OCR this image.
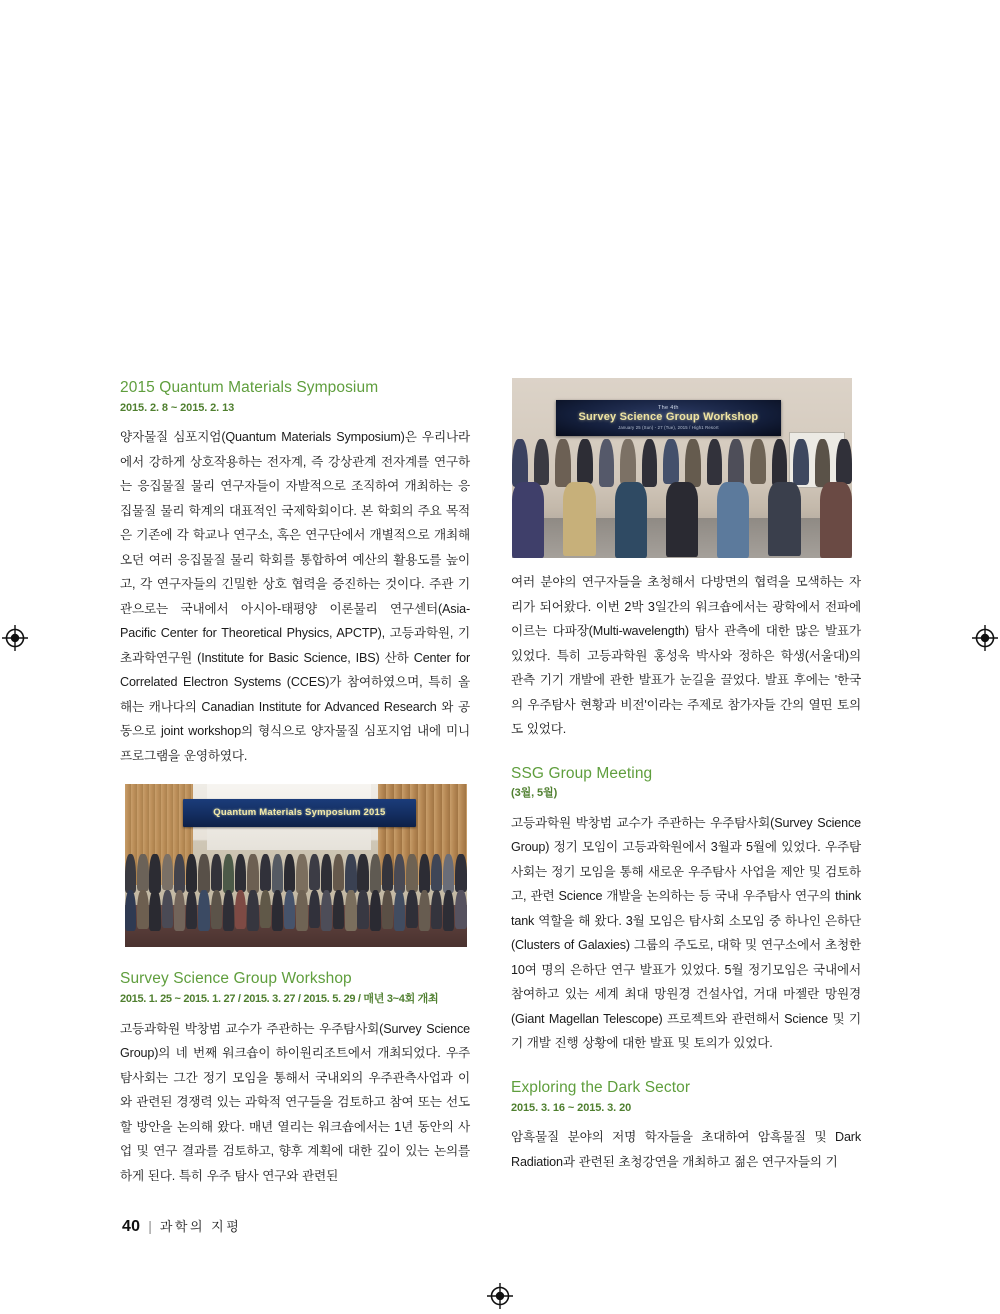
2015 Quantum Materials Symposium
2015. 2. 8 ~ 2015. 2. 13

양자물질 심포지엄(Quantum Materials Symposium)은 우리나라에서 강하게 상호작용하는 전자계, 즉 강상관계 전자계를 연구하는 응집물질 물리 연구자들이 자발적으로 조직하여 개최하는 응집물질 물리 학계의 대표적인 국제학회이다. 본 학회의 주요 목적은 기존에 각 학교나 연구소, 혹은 연구단에서 개별적으로 개최해오던 여러 응집물질 물리 학회를 통합하여 예산의 활용도를 높이고, 각 연구자들의 긴밀한 상호 협력을 증진하는 것이다. 주관 기관으로는 국내에서 아시아-태평양 이론물리 연구센터(Asia-Pacific Center for Theoretical Physics, APCTP), 고등과학원, 기초과학연구원 (Institute for Basic Science, IBS) 산하 Center for Correlated Electron Systems (CCES)가 참여하였으며, 특히 올해는 캐나다의 Canadian Institute for Advanced Research 와 공동으로 joint workshop의 형식으로 양자물질 심포지엄 내에 미니 프로그램을 운영하였다.

Quantum Materials Symposium 2015
Survey Science Group Workshop
2015. 1. 25 ~ 2015. 1. 27 / 2015. 3. 27 / 2015. 5. 29 / 매년 3~4회 개최

고등과학원 박창범 교수가 주관하는 우주탐사회(Survey Science Group)의 네 번째 워크숍이 하이원리조트에서 개최되었다. 우주탐사회는 그간 정기 모임을 통해서 국내외의 우주관측사업과 이와 관련된 경쟁력 있는 과학적 연구들을 검토하고 참여 또는 선도할 방안을 논의해 왔다. 매년 열리는 워크숍에서는 1년 동안의 사업 및 연구 결과를 검토하고, 향후 계획에 대한 깊이 있는 논의를 하게 된다. 특히 우주 탐사 연구와 관련된

The 4th
Survey Science Group Workshop
January 25 (Sun) - 27 (Tue), 2015 / High1 Resort

여러 분야의 연구자들을 초청해서 다방면의 협력을 모색하는 자리가 되어왔다. 이번 2박 3일간의 워크숍에서는 광학에서 전파에 이르는 다파장(Multi-wavelength) 탐사 관측에 대한 많은 발표가 있었다. 특히 고등과학원 홍성욱 박사와 정하은 학생(서울대)의 관측 기기 개발에 관한 발표가 눈길을 끌었다. 발표 후에는 '한국의 우주탐사 현황과 비전'이라는 주제로 참가자들 간의 열띤 토의도 있었다.

SSG Group Meeting
(3월, 5월)

고등과학원 박창범 교수가 주관하는 우주탐사회(Survey Science Group) 정기 모임이 고등과학원에서 3월과 5월에 있었다. 우주탐사회는 정기 모임을 통해 새로운 우주탐사 사업을 제안 및 검토하고, 관련 Science 개발을 논의하는 등 국내 우주탐사 연구의 think tank 역할을 해 왔다. 3월 모임은 탐사회 소모임 중 하나인 은하단 (Clusters of Galaxies) 그룹의 주도로, 대학 및 연구소에서 초청한 10여 명의 은하단 연구 발표가 있었다. 5월 정기모임은 국내에서 참여하고 있는 세계 최대 망원경 건설사업, 거대 마젤란 망원경 (Giant Magellan Telescope) 프로젝트와 관련해서 Science 및 기기 개발 진행 상황에 대한 발표 및 토의가 있었다.

Exploring the Dark Sector
2015. 3. 16 ~ 2015. 3. 20

암흑물질 분야의 저명 학자들을 초대하여 암흑물질 및 Dark Radiation과 관련된 초청강연을 개최하고 젊은 연구자들의 기

40 | 과학의 지평
